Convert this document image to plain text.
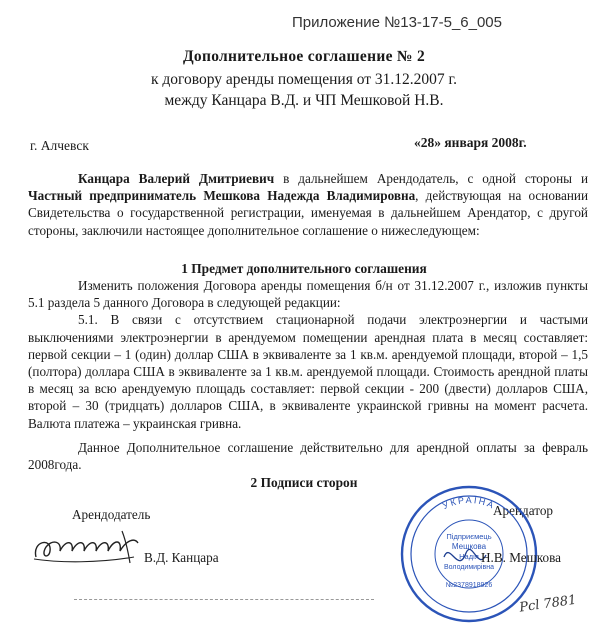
Приложение №13-17-5_6_005
Дополнительное соглашение № 2
к договору аренды помещения от 31.12.2007 г.
между Канцара В.Д. и ЧП Мешковой Н.В.
г. Алчевск	«28» января 2008г.
Канцара Валерий Дмитриевич в дальнейшем Арендодатель, с одной стороны и Частный предприниматель Мешкова Надежда Владимировна, действующая на основании Свидетельства о государственной регистрации, именуемая в дальнейшем Арендатор, с другой стороны, заключили настоящее дополнительное соглашение о нижеследующем:
1 Предмет дополнительного соглашения
Изменить положения Договора аренды помещения б/н от 31.12.2007 г., изложив пункты 5.1 раздела 5 данного Договора в следующей редакции:
5.1. В связи с отсутствием стационарной подачи электроэнергии и частыми выключениями электроэнергии в арендуемом помещении арендная плата в месяц составляет: первой секции – 1 (один) доллар США в эквиваленте за 1 кв.м. арендуемой площади, второй – 1,5 (полтора) доллара США в эквиваленте за 1 кв.м. арендуемой площади. Стоимость арендной платы в месяц за всю арендуемую площадь составляет: первой секции - 200 (двести) долларов США, второй – 30 (тридцать) долларов США, в эквиваленте украинской гривны на момент расчета. Валюта платежа – украинская гривна.
Данное Дополнительное соглашение действительно для арендной оплаты за февраль 2008года.
2 Подписи сторон
Арендодатель	Арендатор
В.Д. Канцара
УКРАЇНА
Підприємець
Мешкова
Надія
Володимирівна
№2378918926
Н.В. Мешкова
Рсl 7881
